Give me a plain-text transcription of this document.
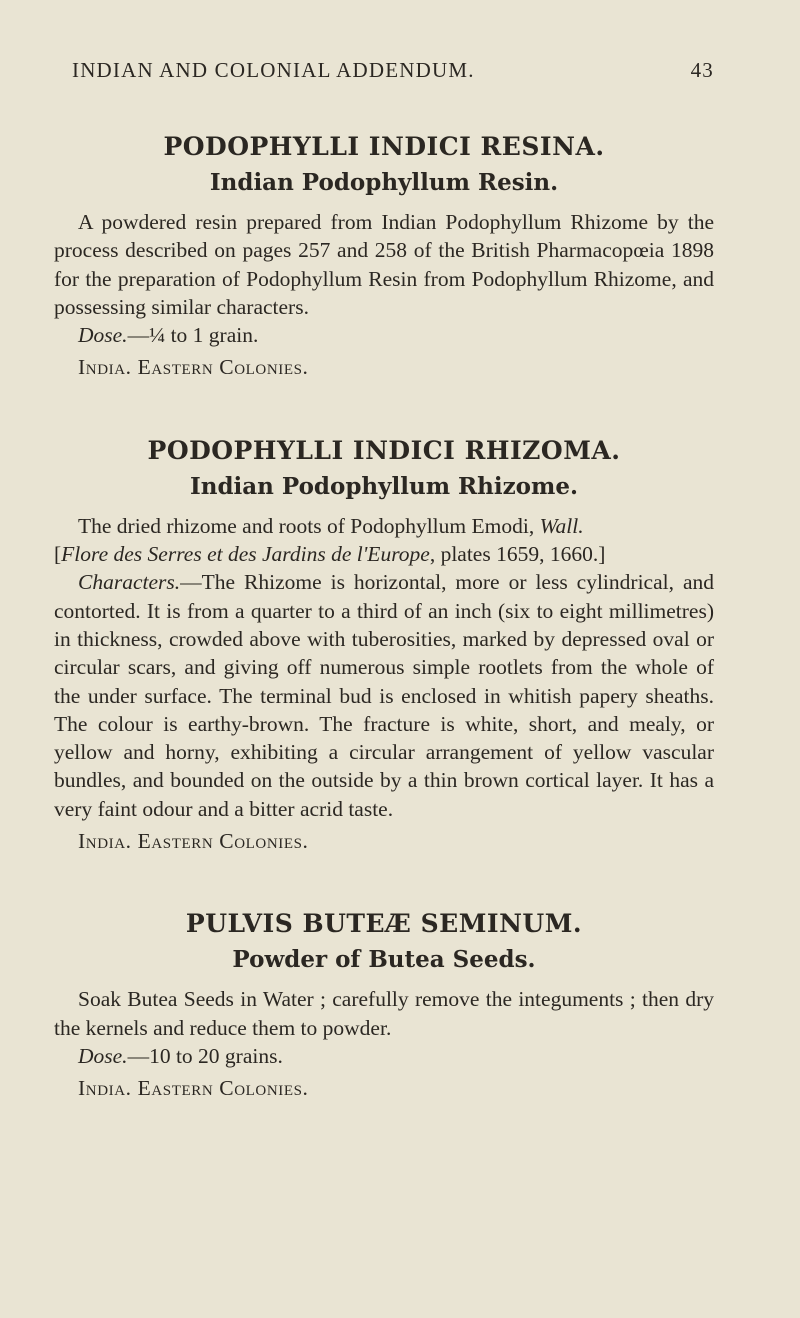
INDIAN AND COLONIAL ADDENDUM.	43
PODOPHYLLI INDICI RESINA.
Indian Podophyllum Resin.

A powdered resin prepared from Indian Podophyllum Rhizome by the process described on pages 257 and 258 of the British Pharmacopœia 1898 for the preparation of Podophyllum Resin from Podophyllum Rhizome, and possessing similar characters.

Dose.—¼ to 1 grain.

India. Eastern Colonies.

PODOPHYLLI INDICI RHIZOMA.
Indian Podophyllum Rhizome.

The dried rhizome and roots of Podophyllum Emodi, Wall.
[Flore des Serres et des Jardins de l'Europe, plates 1659, 1660.]

Characters.—The Rhizome is horizontal, more or less cylindrical, and contorted. It is from a quarter to a third of an inch (six to eight millimetres) in thickness, crowded above with tuberosities, marked by depressed oval or circular scars, and giving off numerous simple rootlets from the whole of the under surface. The terminal bud is enclosed in whitish papery sheaths. The colour is earthy-brown. The fracture is white, short, and mealy, or yellow and horny, exhibiting a circular arrangement of yellow vascular bundles, and bounded on the outside by a thin brown cortical layer. It has a very faint odour and a bitter acrid taste.

India. Eastern Colonies.

PULVIS BUTEÆ SEMINUM.
Powder of Butea Seeds.

Soak Butea Seeds in Water ; carefully remove the integuments ; then dry the kernels and reduce them to powder.

Dose.—10 to 20 grains.

India. Eastern Colonies.
